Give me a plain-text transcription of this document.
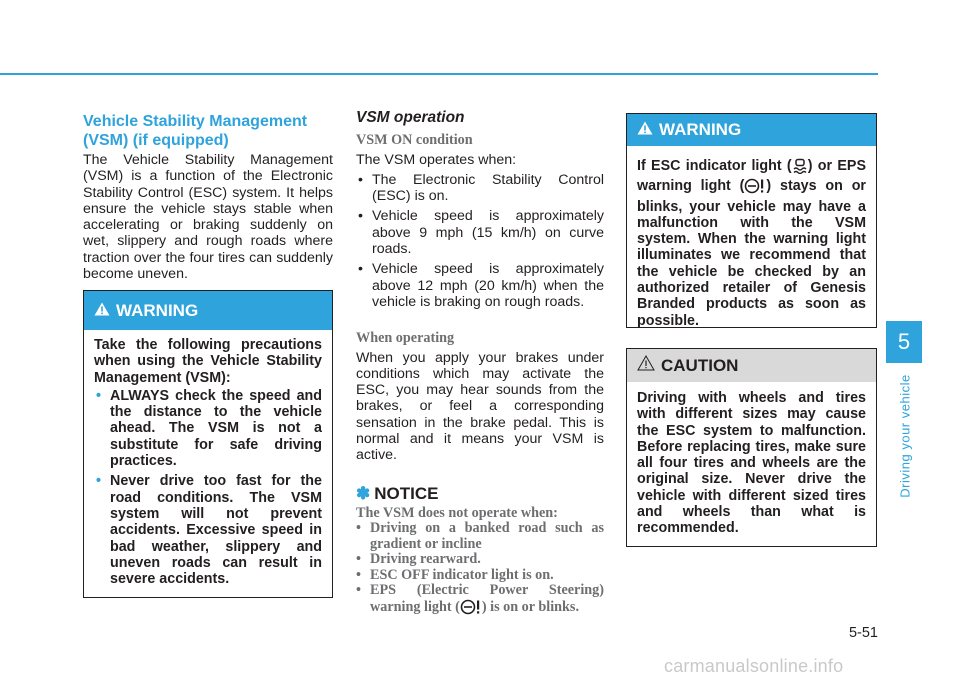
Vehicle Stability Management (VSM) (if equipped)

The Vehicle Stability Management (VSM) is a function of the Electronic Stability Control (ESC) system. It helps ensure the vehicle stays stable when accelerating or braking suddenly on wet, slippery and rough roads where traction over the four tires can suddenly become uneven.

WARNING

Take the following precautions when using the Vehicle Stability Management (VSM):

• ALWAYS check the speed and the distance to the vehicle ahead. The VSM is not a substitute for safe driving practices.
• Never drive too fast for the road conditions. The VSM system will not prevent accidents. Excessive speed in bad weather, slippery and uneven roads can result in severe accidents.
VSM operation
VSM ON condition

The VSM operates when:

• The Electronic Stability Control (ESC) is on.
• Vehicle speed is approximately above 9 mph (15 km/h) on curve roads.
• Vehicle speed is approximately above 12 mph (20 km/h) when the vehicle is braking on rough roads.
When operating

When you apply your brakes under conditions which may activate the ESC, you may hear sounds from the brakes, or feel a corresponding sensation in the brake pedal. This is normal and it means your VSM is active.

✽ NOTICE
The VSM does not operate when:
• Driving on a banked road such as gradient or incline
• Driving rearward.
• ESC OFF indicator light is on.
• EPS (Electric Power Steering) warning light ( ) is on or blinks.
WARNING

If ESC indicator light ( ) or EPS warning light ( ) stays on or blinks, your vehicle may have a malfunction with the VSM system. When the warning light illuminates we recommend that the vehicle be checked by an authorized retailer of Genesis Branded products as soon as possible.

CAUTION

Driving with wheels and tires with different sizes may cause the ESC system to malfunction. Before replacing tires, make sure all four tires and wheels are the original size. Never drive the vehicle with different sized tires and wheels than what is recommended.

5
Driving your vehicle
5-51
carmanualsonline.info
